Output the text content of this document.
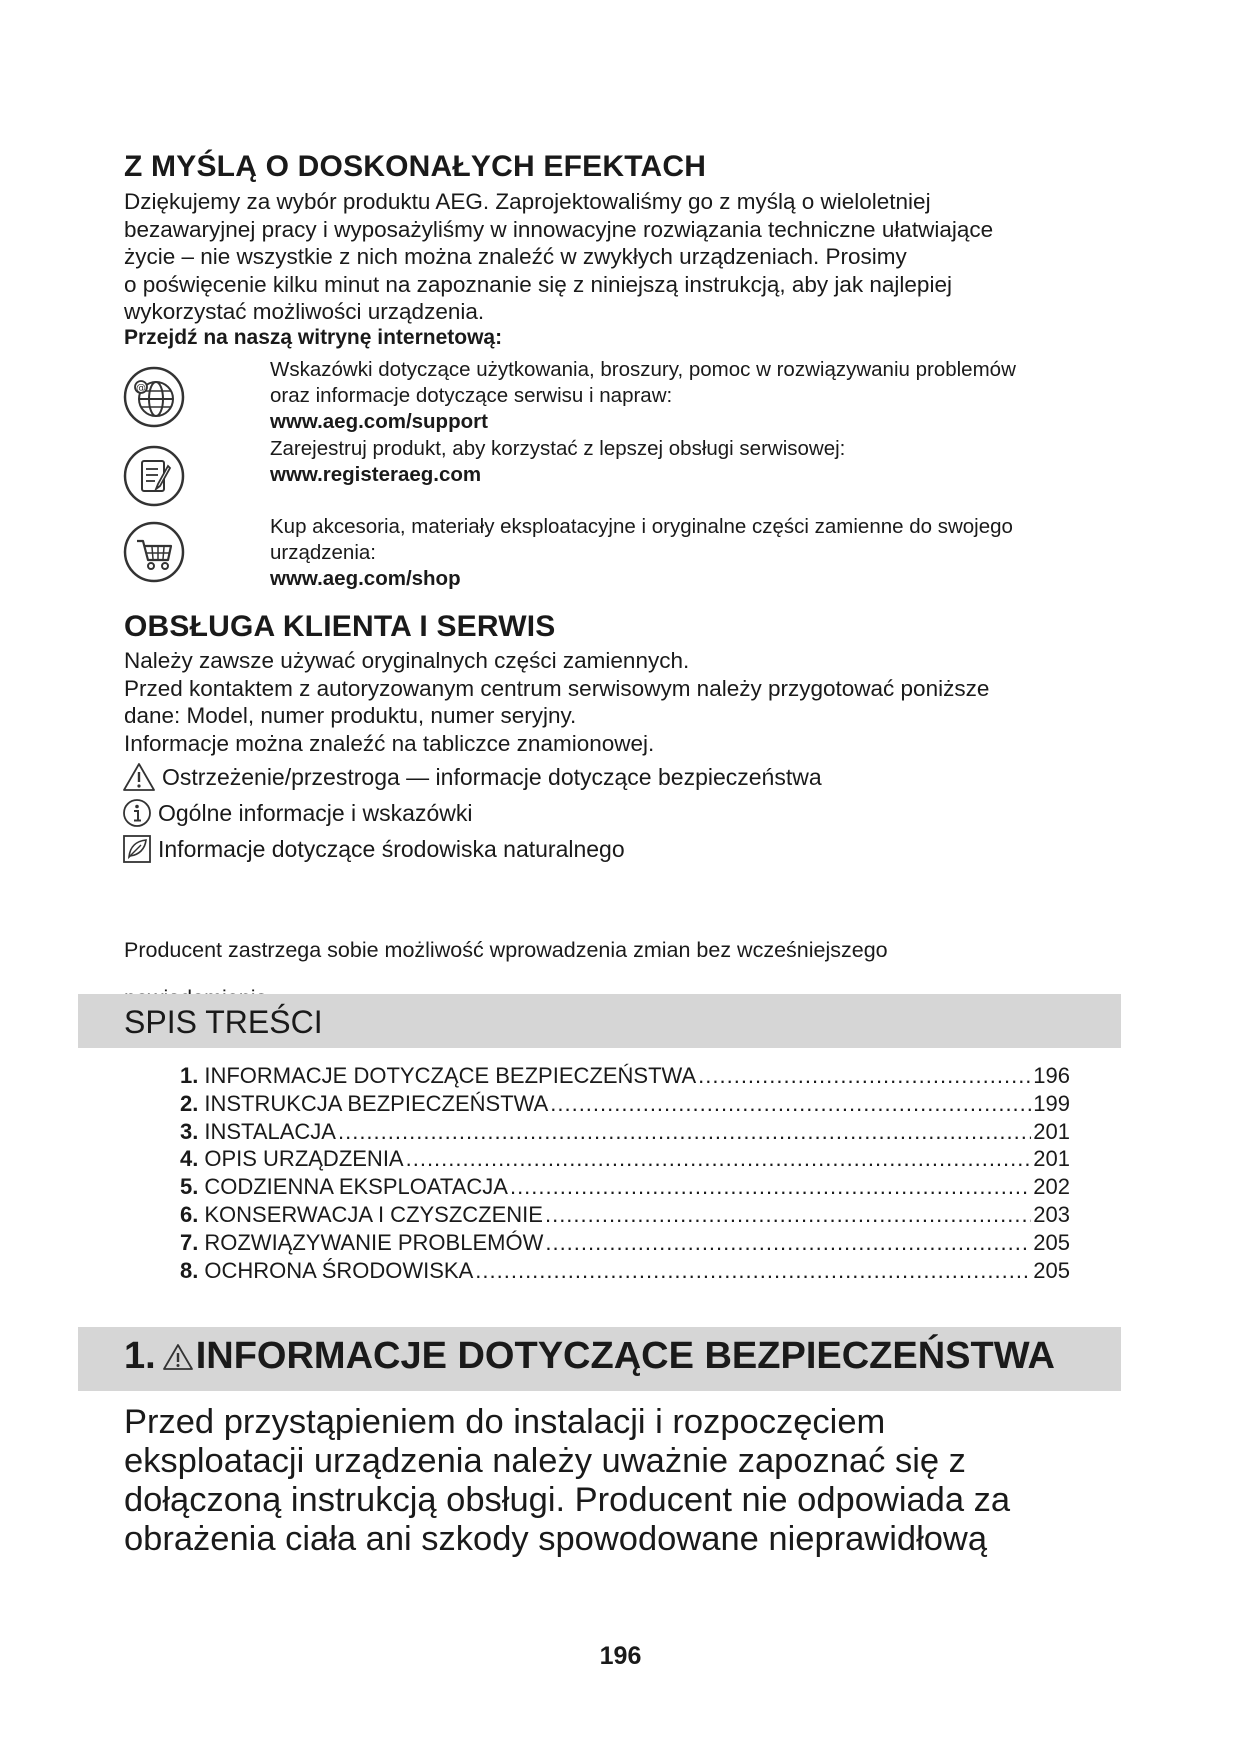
Z MYŚLĄ O DOSKONAŁYCH EFEKTACH

Dziękujemy za wybór produktu AEG. Zaprojektowaliśmy go z myślą o wieloletniej

bezawaryjnej pracy i wyposażyliśmy w innowacyjne rozwiązania techniczne ułatwiające

życie – nie wszystkie z nich można znaleźć w zwykłych urządzeniach. Prosimy

o poświęcenie kilku minut na zapoznanie się z niniejszą instrukcją, aby jak najlepiej

wykorzystać możliwości urządzenia.

Przejdź na naszą witrynę internetową:

@

Wskazówki dotyczące użytkowania, broszury, pomoc w rozwiązywaniu problemów

oraz informacje dotyczące serwisu i napraw:

www.aeg.com/support

Zarejestruj produkt, aby korzystać z lepszej obsługi serwisowej:

www.registeraeg.com

Kup akcesoria, materiały eksploatacyjne i oryginalne części zamienne do swojego

urządzenia:

www.aeg.com/shop

OBSŁUGA KLIENTA I SERWIS

Należy zawsze używać oryginalnych części zamiennych.

Przed kontaktem z autoryzowanym centrum serwisowym należy przygotować poniższe

dane: Model, numer produktu, numer seryjny.

Informacje można znaleźć na tabliczce znamionowej.

Ostrzeżenie/przestroga — informacje dotyczące bezpieczeństwa
Ogólne informacje i wskazówki
Informacje dotyczące środowiska naturalnego

Producent zastrzega sobie możliwość wprowadzenia zmian bez wcześniejszego

SPIS TREŚCI
1. INFORMACJE DOTYCZĄCE BEZPIECZEŃSTWA .....	196
2. INSTRUKCJA BEZPIECZEŃSTWA .....	199
3. INSTALACJA .....	201
4. OPIS URZĄDZENIA .....	201
5. CODZIENNA EKSPLOATACJA .....	202
6. KONSERWACJA I CZYSZCZENIE .....	203
7. ROZWIĄZYWANIE PROBLEMÓW .....	205
8. OCHRONA ŚRODOWISKA .....	205
1. INFORMACJE DOTYCZĄCE BEZPIECZEŃSTWA
Przed przystąpieniem do instalacji i rozpoczęciem
eksploatacji urządzenia należy uważnie zapoznać się z
dołączoną instrukcją obsługi. Producent nie odpowiada za
obrażenia ciała ani szkody spowodowane nieprawidłową
196
